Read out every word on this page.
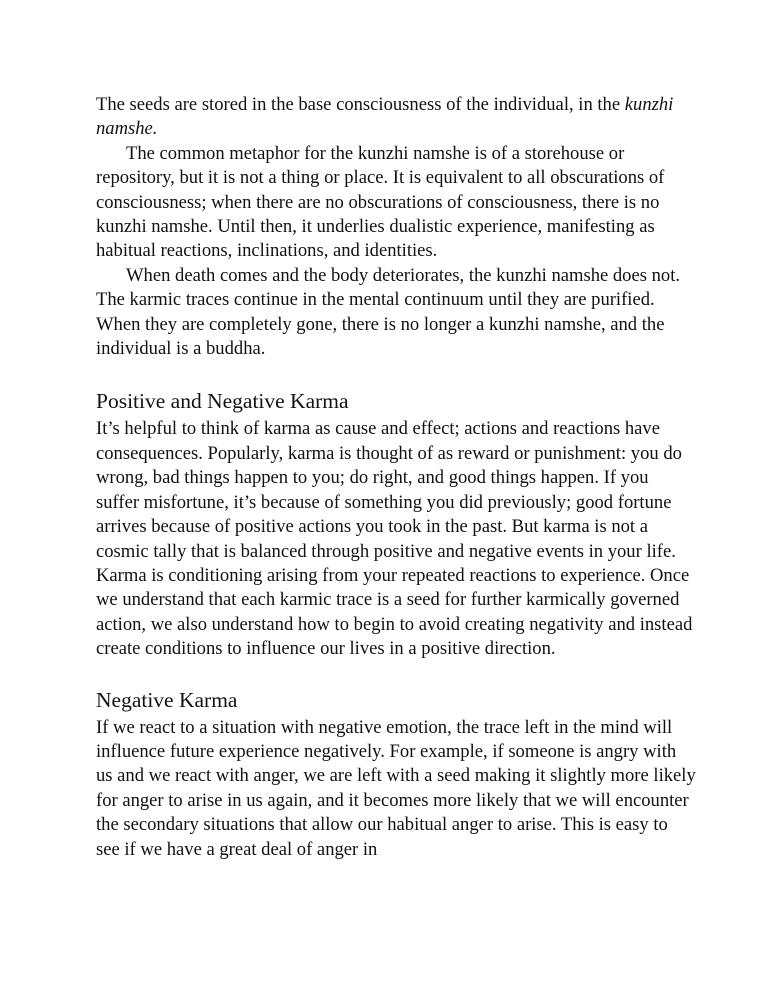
The seeds are stored in the base consciousness of the individual, in the kunzhi namshe.

The common metaphor for the kunzhi namshe is of a storehouse or repository, but it is not a thing or place. It is equivalent to all obscurations of consciousness; when there are no obscurations of consciousness, there is no kunzhi namshe. Until then, it underlies dualistic experience, manifesting as habitual reactions, inclinations, and identities.

When death comes and the body deteriorates, the kunzhi namshe does not. The karmic traces continue in the mental continuum until they are purified. When they are completely gone, there is no longer a kunzhi namshe, and the individual is a buddha.

Positive and Negative Karma

It’s helpful to think of karma as cause and effect; actions and reactions have consequences. Popularly, karma is thought of as reward or punishment: you do wrong, bad things happen to you; do right, and good things happen. If you suffer misfortune, it’s because of something you did previously; good fortune arrives because of positive actions you took in the past. But karma is not a cosmic tally that is balanced through positive and negative events in your life. Karma is conditioning arising from your repeated reactions to experience. Once we understand that each karmic trace is a seed for further karmically governed action, we also understand how to begin to avoid creating negativity and instead create conditions to influence our lives in a positive direction.

Negative Karma

If we react to a situation with negative emotion, the trace left in the mind will influence future experience negatively. For example, if someone is angry with us and we react with anger, we are left with a seed making it slightly more likely for anger to arise in us again, and it becomes more likely that we will encounter the secondary situations that allow our habitual anger to arise. This is easy to see if we have a great deal of anger in
